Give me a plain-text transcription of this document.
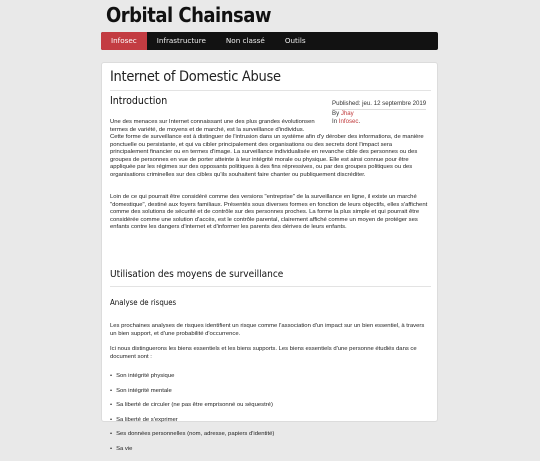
Orbital Chainsaw
Infosec	Infrastructure	Non classé	Outils
Internet of Domestic Abuse
Introduction	Published: jeu. 12 septembre 2019
By Jhay
In Infosec.

Une des menaces sur Internet connaissant une des plus grandes évolutionsen termes de variété, de moyens et de marché, est la surveillance d'individus.

Cette forme de surveillance est à distinguer de l'intrusion dans un système afin d'y dérober des informations, de manière ponctuelle ou persistante, et qui va cibler principalement des organisations ou des secrets dont l'impact sera principalement financier ou en termes d'image. La surveillance individualisée en revanche cible des personnes ou des groupes de personnes en vue de porter atteinte à leur intégrité morale ou physique. Elle est ainsi connue pour être appliquée par les régimes sur des opposants politiques à des fins répressives, ou par des groupes politiques ou des organisations criminelles sur des cibles qu'ils souhaitent faire chanter ou publiquement discréditer.

Loin de ce qui pourrait être considéré comme des versions "entreprise" de la surveillance en ligne, il existe un marché "domestique", destiné aux foyers familiaux. Présentés sous diverses formes en fonction de leurs objectifs, elles s'affichent comme des solutions de sécurité et de contrôle sur des personnes proches. La forme la plus simple et qui pourrait être considérée comme une solution d'accès, est le contrôle parental, clairement affiché comme un moyen de protéger ses enfants contre les dangers d'internet et d'informer les parents des dérives de leurs enfants.

Utilisation des moyens de surveillance
Analyse de risques

Les prochaines analyses de risques identifient un risque comme l'association d'un impact sur un bien essentiel, à travers un bien support, et d'une probabilité d'occurrence.

Ici nous distinguerons les biens essentiels et les biens supports. Les biens essentiels d'une personne étudiés dans ce document sont :

• Son intégrité physique
• Son intégrité mentale
• Sa liberté de circuler (ne pas être emprisonné ou séquestré)
• Sa liberté de s'exprimer
• Ses données personnelles (nom, adresse, papiers d'identité)
• Sa vie
